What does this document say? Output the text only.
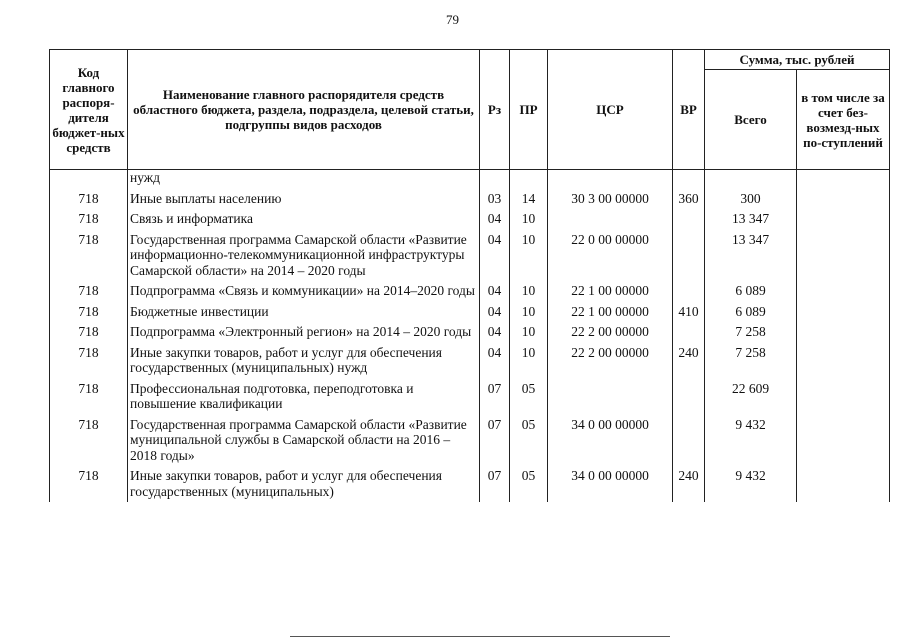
79
Код главного распоря-дителя бюджет-ных средств	Наименование главного распорядителя средств областного бюджета, раздела, подраздела, целевой статьи, подгруппы видов расходов	Рз	ПР	ЦСР	ВР	Сумма, тыс. рублей	
						Всего	в том числе за счет без-возмезд-ных по-ступлений
	нужд						
718	Иные выплаты населению	03	14	30 3 00 00000	360	300	
718	Связь и информатика	04	10			13 347	
718	Государственная программа Самарской области «Развитие информационно-телекоммуникационной инфраструктуры Самарской области» на 2014 – 2020 годы	04	10	22 0 00 00000		13 347	
718	Подпрограмма «Связь и коммуникации» на 2014–2020 годы	04	10	22 1 00 00000		6 089	
718	Бюджетные инвестиции	04	10	22 1 00 00000	410	6 089	
718	Подпрограмма «Электронный регион» на 2014 – 2020 годы	04	10	22 2 00 00000		7 258	
718	Иные закупки товаров, работ и услуг для обеспечения государственных (муниципальных) нужд	04	10	22 2 00 00000	240	7 258	
718	Профессиональная подготовка, переподготовка и повышение квалификации	07	05			22 609	
718	Государственная программа Самарской области «Развитие муниципальной службы в Самарской области на 2016 – 2018 годы»	07	05	34 0 00 00000		9 432	
718	Иные закупки товаров, работ и услуг для обеспечения государственных (муниципальных)	07	05	34 0 00 00000	240	9 432	
